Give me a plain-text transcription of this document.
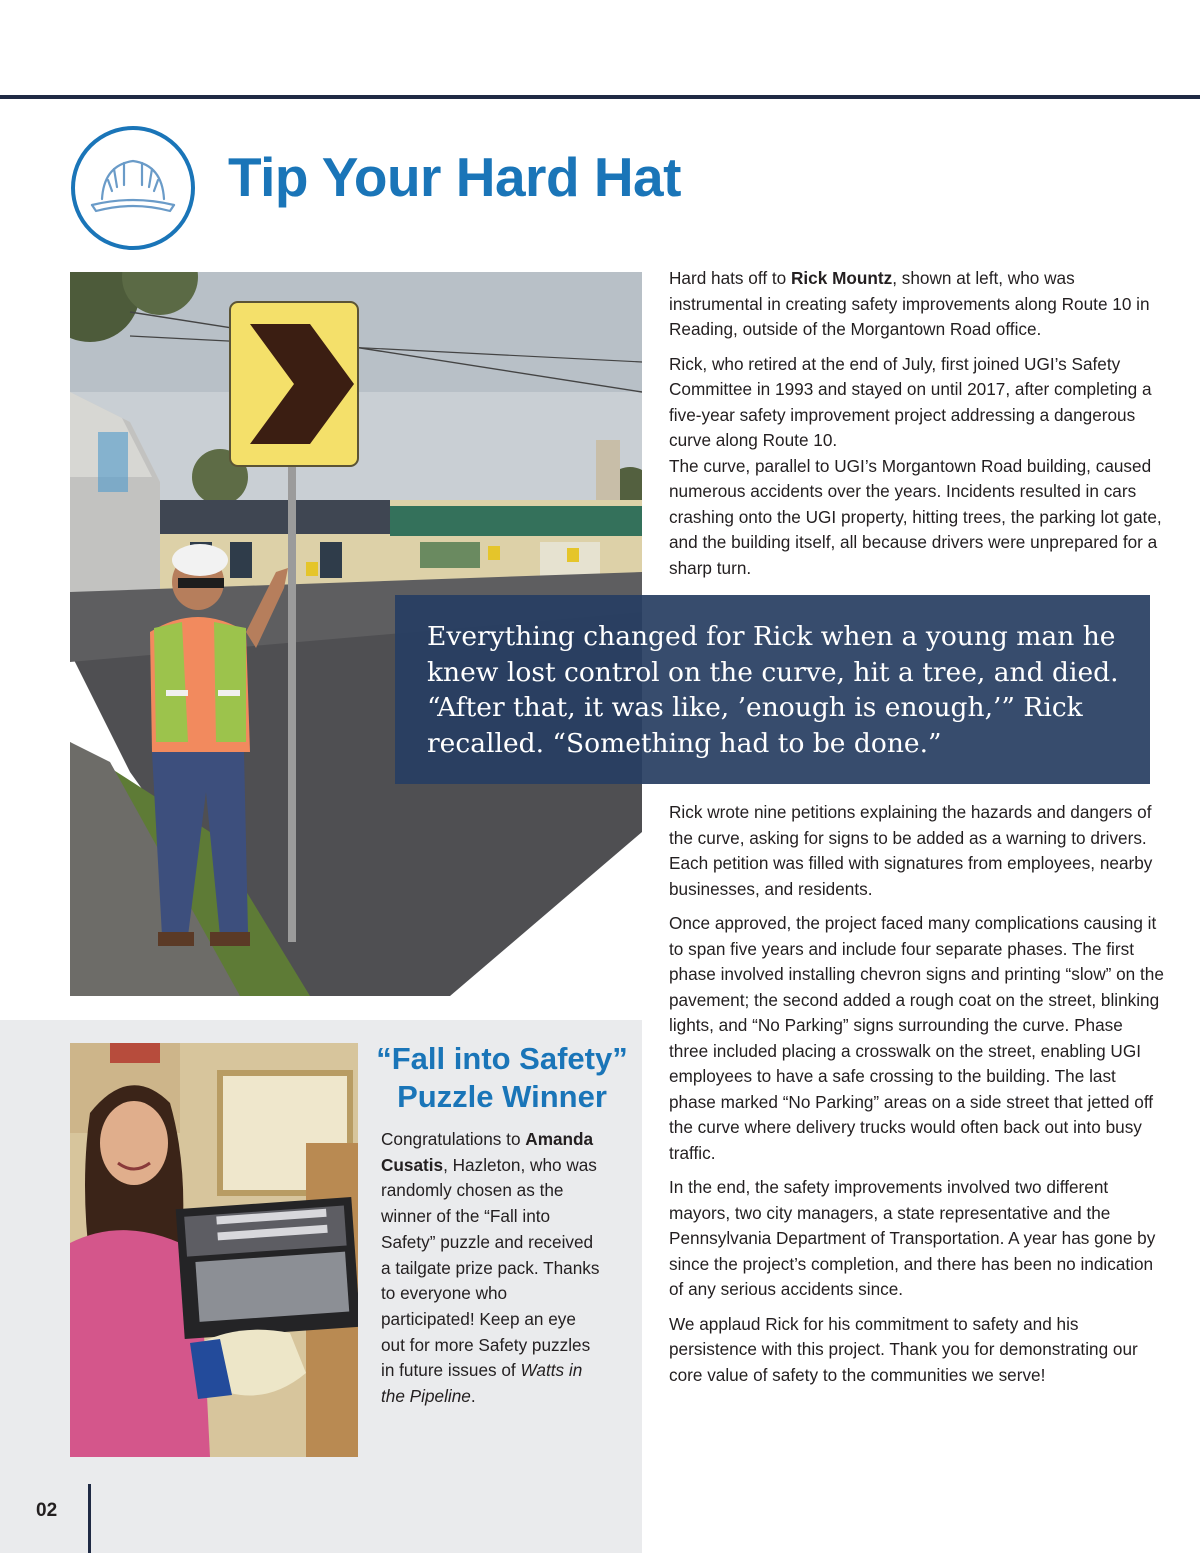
Tip Your Hard Hat

Hard hats off to Rick Mountz, shown at left, who was instrumental in creating safety improvements along Route 10 in Reading, outside of the Morgantown Road office.

Rick, who retired at the end of July, first joined UGI’s Safety Committee in 1993 and stayed on until 2017, after completing a five-year safety improvement project addressing a dangerous curve along Route 10.

The curve, parallel to UGI’s Morgantown Road building, caused numerous accidents over the years. Incidents resulted in cars crashing onto the UGI property, hitting trees, the parking lot gate, and the building itself, all because drivers were unprepared for a sharp turn.

Everything changed for Rick when a young man he knew lost control on the curve, hit a tree, and died. “After that, it was like, ’enough is enough,’” Rick recalled. “Something had to be done.”

Rick wrote nine petitions explaining the hazards and dangers of the curve, asking for signs to be added as a warning to drivers. Each petition was filled with signatures from employees, nearby businesses, and residents.

Once approved, the project faced many complications causing it to span five years and include four separate phases. The first phase involved installing chevron signs and printing “slow” on the pavement; the second added a rough coat on the street, blinking lights, and “No Parking” signs surrounding the curve. Phase three included placing a crosswalk on the street, enabling UGI employees to have a safe crossing to the building. The last phase marked “No Parking” areas on a side street that jetted off the curve where delivery trucks would often back out into busy traffic.

In the end, the safety improvements involved two different mayors, two city managers, a state representative and the Pennsylvania Department of Transportation. A year has gone by since the project’s completion, and there has been no indication of any serious accidents since.

We applaud Rick for his commitment to safety and his persistence with this project. Thank you for demonstrating our core value of safety to the communities we serve!

“Fall into Safety”
Puzzle Winner

Congratulations to Amanda Cusatis, Hazleton, who was randomly chosen as the winner of the “Fall into Safety” puzzle and received a tailgate prize pack. Thanks to everyone who participated! Keep an eye out for more Safety puzzles in future issues of Watts in the Pipeline.

02
